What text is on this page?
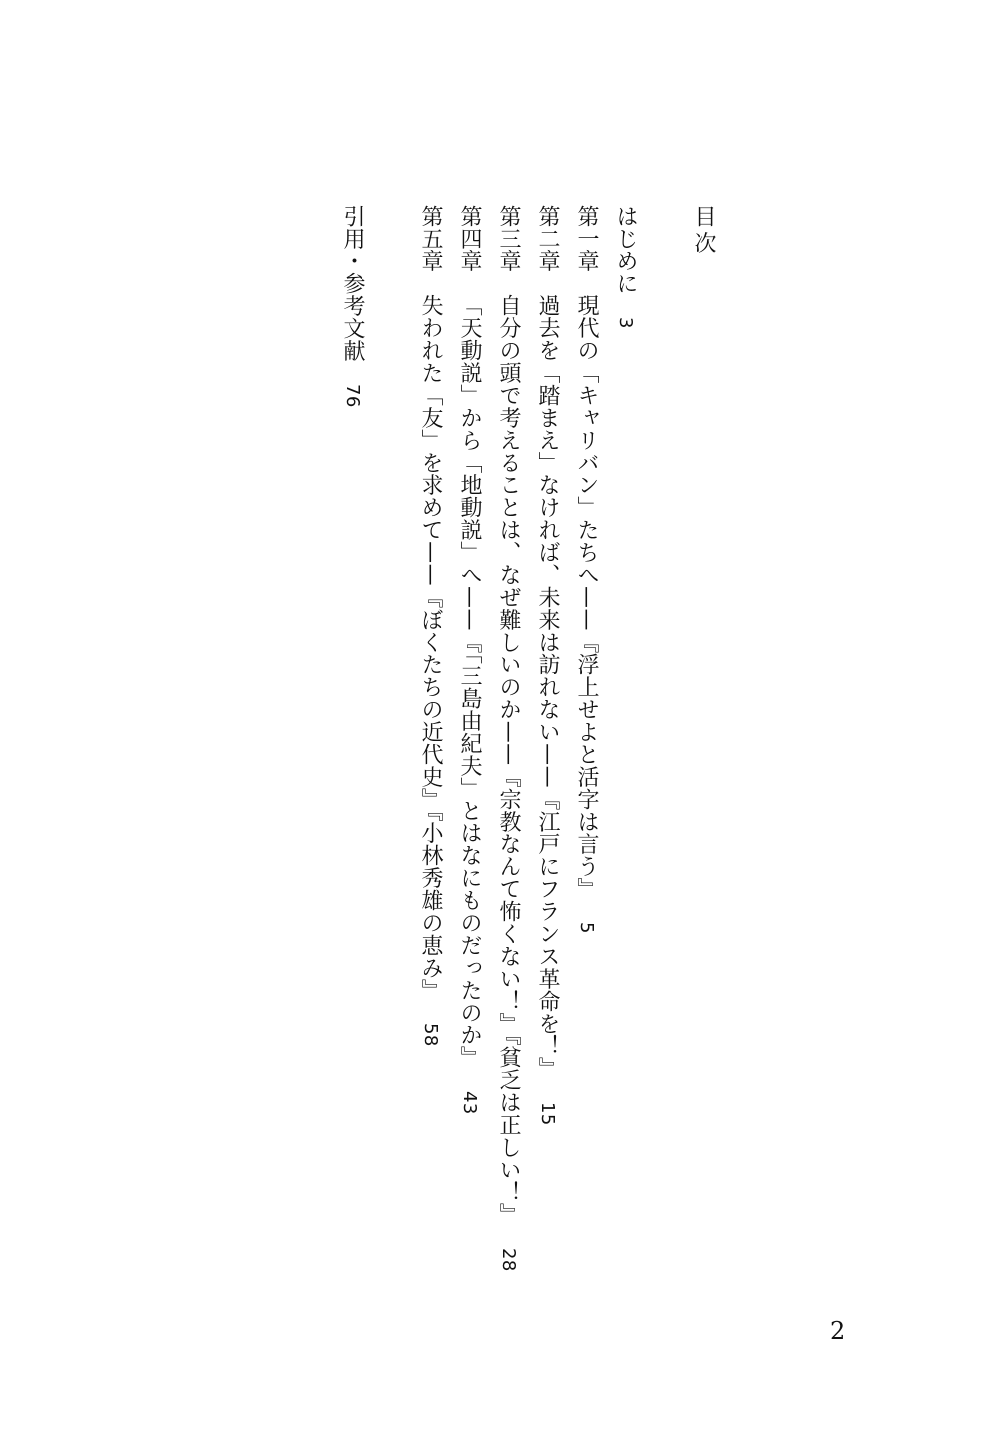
目次
はじめに3
第一章現代の「キャリバン」たちへ——『浮上せよと活字は言う』5
第二章過去を「踏まえ」なければ、未来は訪れない——『江戸にフランス革命を！』15
第三章自分の頭で考えることは、なぜ難しいのか——『宗教なんて怖くない！』『貧乏は正しい！』28
第四章「天動説」から「地動説」へ——『「三島由紀夫」とはなにものだったのか』43
第五章失われた「友」を求めて——『ぼくたちの近代史』『小林秀雄の恵み』58
引用・参考文献76
2
